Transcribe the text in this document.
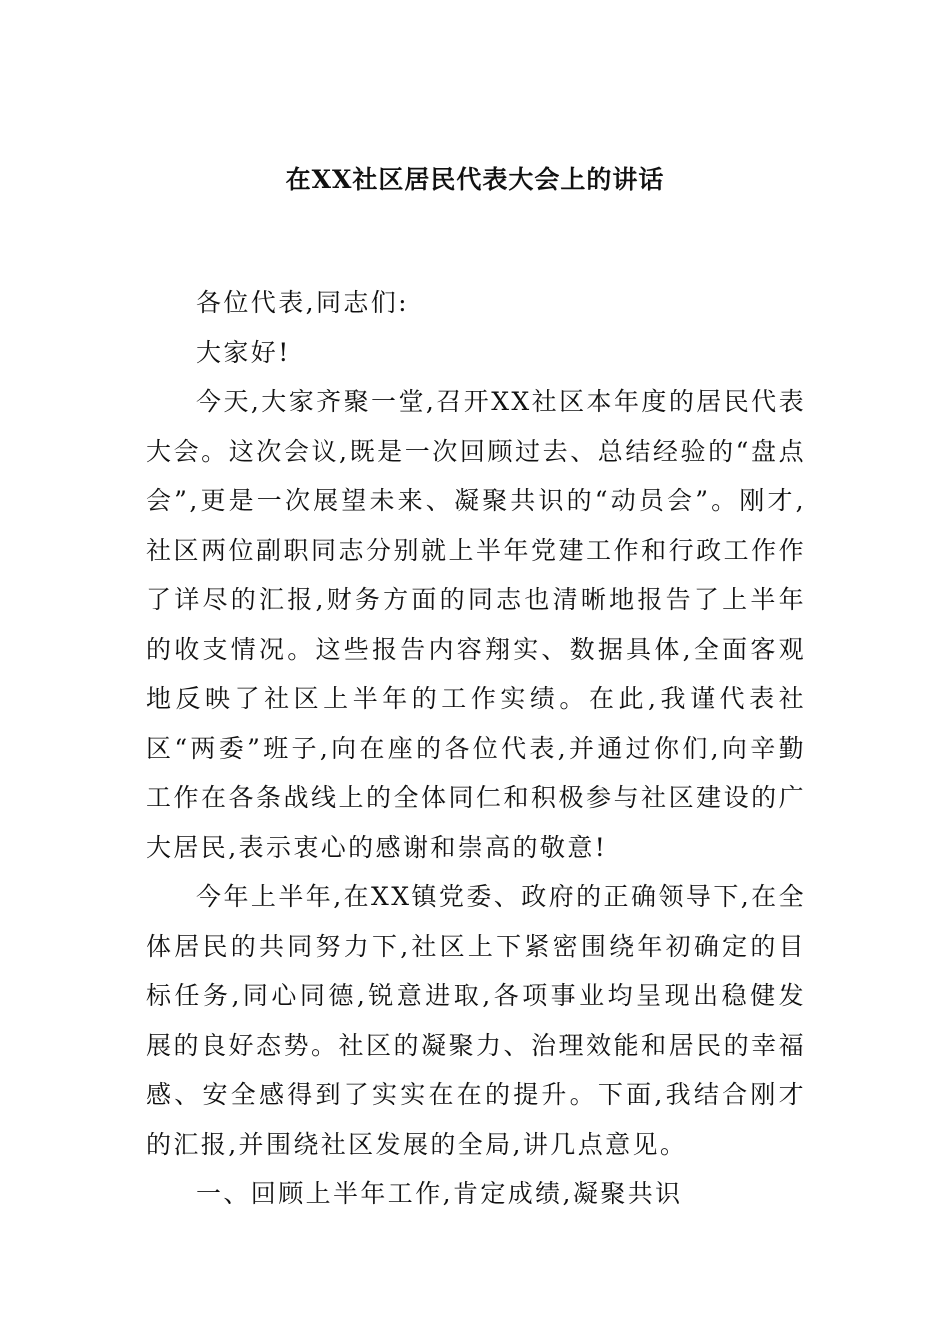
在XX社区居民代表大会上的讲话

各位代表,同志们:

大家好!

今天,大家齐聚一堂,召开XX社区本年度的居民代表大会。这次会议,既是一次回顾过去、总结经验的“盘点会”,更是一次展望未来、凝聚共识的“动员会”。刚才,社区两位副职同志分别就上半年党建工作和行政工作作了详尽的汇报,财务方面的同志也清晰地报告了上半年的收支情况。这些报告内容翔实、数据具体,全面客观地反映了社区上半年的工作实绩。在此,我谨代表社区“两委”班子,向在座的各位代表,并通过你们,向辛勤工作在各条战线上的全体同仁和积极参与社区建设的广大居民,表示衷心的感谢和崇高的敬意!

今年上半年,在XX镇党委、政府的正确领导下,在全体居民的共同努力下,社区上下紧密围绕年初确定的目标任务,同心同德,锐意进取,各项事业均呈现出稳健发展的良好态势。社区的凝聚力、治理效能和居民的幸福感、安全感得到了实实在在的提升。下面,我结合刚才的汇报,并围绕社区发展的全局,讲几点意见。

一、回顾上半年工作,肯定成绩,凝聚共识
